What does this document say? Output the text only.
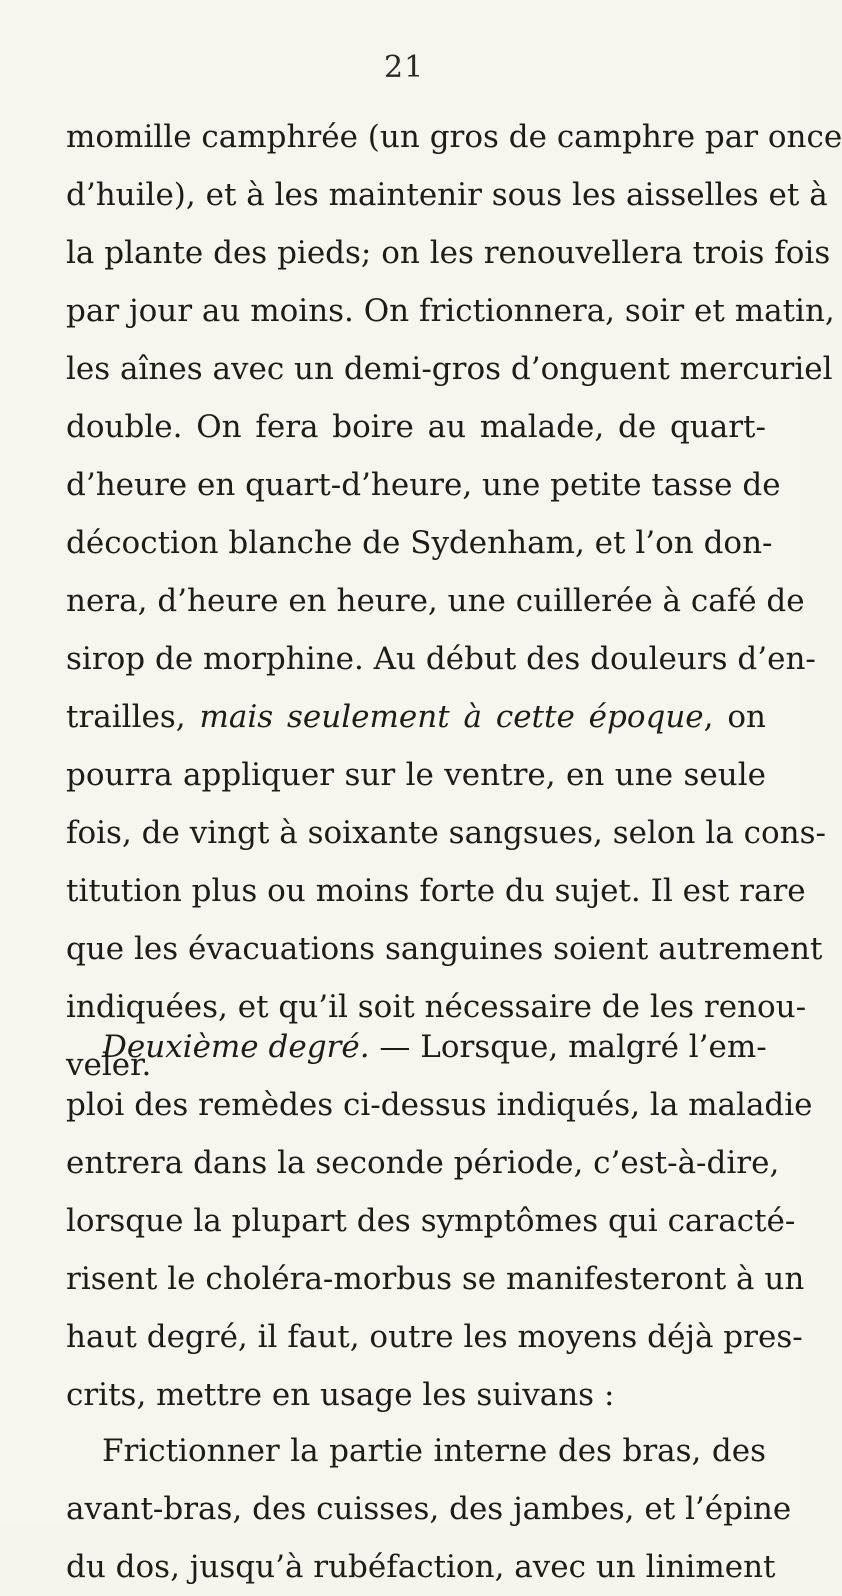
21
momille camphrée (un gros de camphre par once
d’huile), et à les maintenir sous les aisselles et à
la plante des pieds; on les renouvellera trois fois
par jour au moins. On frictionnera, soir et matin,
les aînes avec un demi-gros d’onguent mercuriel
double. On fera boire au malade, de quart-
d’heure en quart-d’heure, une petite tasse de
décoction blanche de Sydenham, et l’on don-
nera, d’heure en heure, une cuillerée à café de
sirop de morphine. Au début des douleurs d’en-
trailles, mais seulement à cette époque, on
pourra appliquer sur le ventre, en une seule
fois, de vingt à soixante sangsues, selon la cons-
titution plus ou moins forte du sujet. Il est rare
que les évacuations sanguines soient autrement
indiquées, et qu’il soit nécessaire de les renou-
veler.
Deuxième degré. — Lorsque, malgré l’em-
ploi des remèdes ci-dessus indiqués, la maladie
entrera dans la seconde période, c’est-à-dire,
lorsque la plupart des symptômes qui caracté-
risent le choléra-morbus se manifesteront à un
haut degré, il faut, outre les moyens déjà pres-
crits, mettre en usage les suivans :
Frictionner la partie interne des bras, des
avant-bras, des cuisses, des jambes, et l’épine
du dos, jusqu’à rubéfaction, avec un liniment
